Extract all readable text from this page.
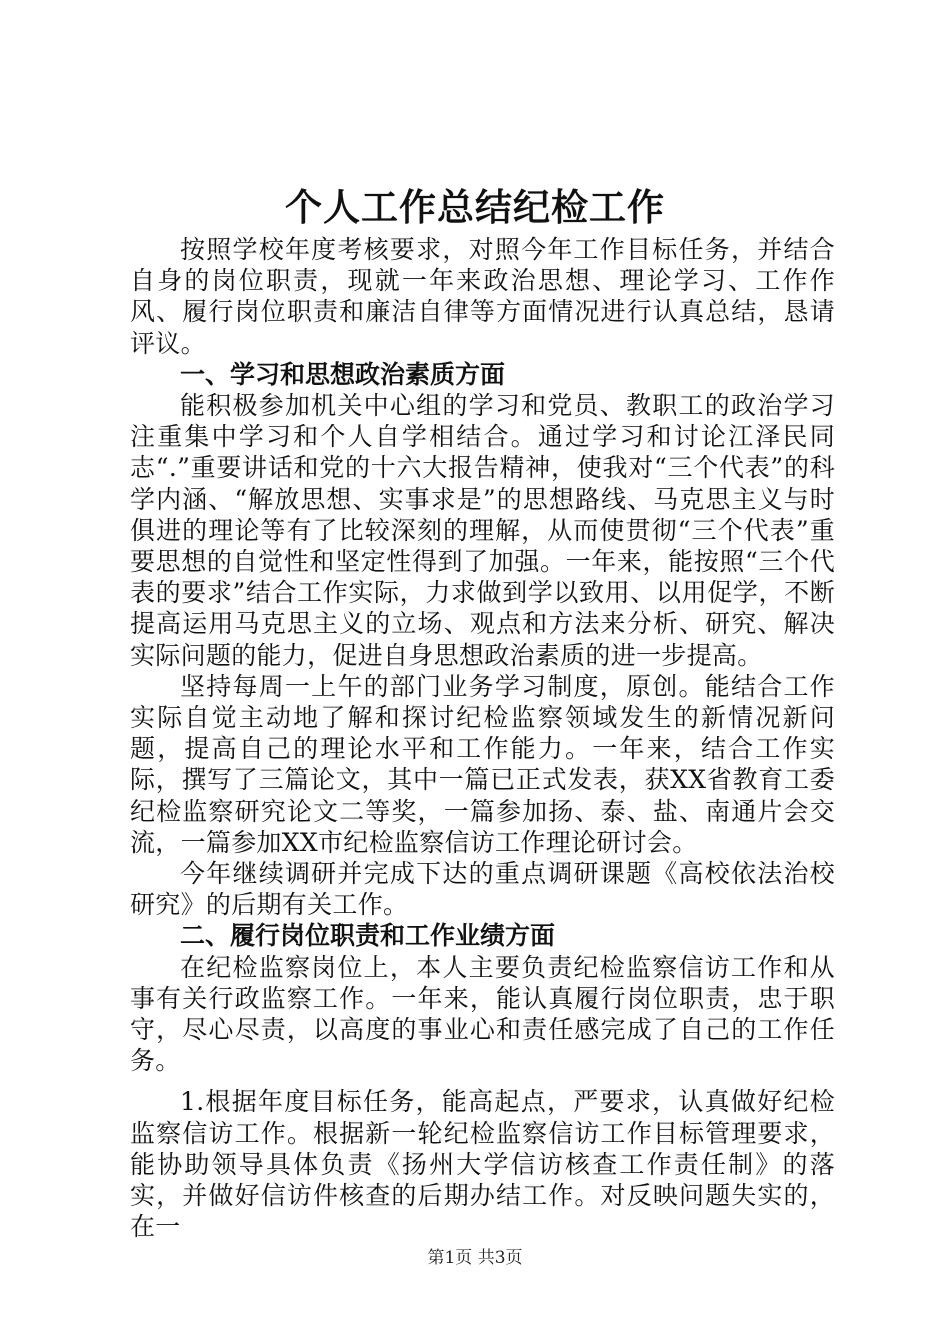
个人工作总结纪检工作

按照学校年度考核要求，对照今年工作目标任务，并结合自身的岗位职责，现就一年来政治思想、理论学习、工作作风、履行岗位职责和廉洁自律等方面情况进行认真总结，恳请评议。

一、学习和思想政治素质方面

能积极参加机关中心组的学习和党员、教职工的政治学习注重集中学习和个人自学相结合。通过学习和讨论江泽民同志“.”重要讲话和党的十六大报告精神，使我对“三个代表”的科学内涵、“解放思想、实事求是”的思想路线、马克思主义与时俱进的理论等有了比较深刻的理解，从而使贯彻“三个代表”重要思想的自觉性和坚定性得到了加强。一年来，能按照“三个代表的要求”结合工作实际，力求做到学以致用、以用促学，不断提高运用马克思主义的立场、观点和方法来分析、研究、解决实际问题的能力，促进自身思想政治素质的进一步提高。

坚持每周一上午的部门业务学习制度，原创。能结合工作实际自觉主动地了解和探讨纪检监察领域发生的新情况新问题，提高自己的理论水平和工作能力。一年来，结合工作实际，撰写了三篇论文，其中一篇已正式发表，获XX省教育工委纪检监察研究论文二等奖，一篇参加扬、泰、盐、南通片会交流，一篇参加XX市纪检监察信访工作理论研讨会。

今年继续调研并完成下达的重点调研课题《高校依法治校研究》的后期有关工作。

二、履行岗位职责和工作业绩方面

在纪检监察岗位上，本人主要负责纪检监察信访工作和从事有关行政监察工作。一年来，能认真履行岗位职责，忠于职守，尽心尽责，以高度的事业心和责任感完成了自己的工作任务。

1.根据年度目标任务，能高起点，严要求，认真做好纪检监察信访工作。根据新一轮纪检监察信访工作目标管理要求，能协助领导具体负责《扬州大学信访核查工作责任制》的落实，并做好信访件核查的后期办结工作。对反映问题失实的，在一

第1页 共3页
